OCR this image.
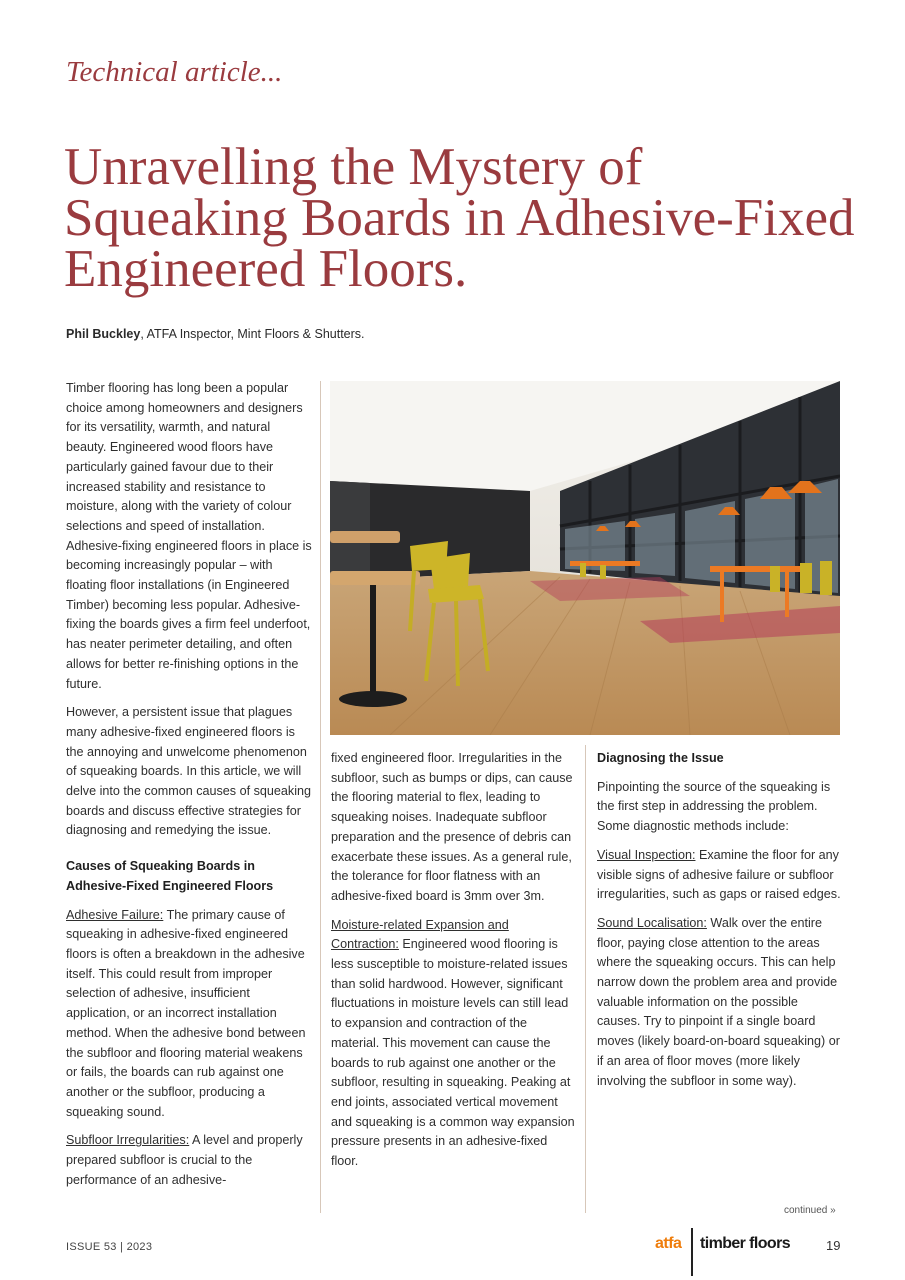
Technical article...
Unravelling the Mystery of Squeaking Boards in Adhesive-Fixed Engineered Floors.
Phil Buckley, ATFA Inspector, Mint Floors & Shutters.

Timber flooring has long been a popular choice among homeowners and designers for its versatility, warmth, and natural beauty. Engineered wood floors have particularly gained favour due to their increased stability and resistance to moisture, along with the variety of colour selections and speed of installation. Adhesive-fixing engineered floors in place is becoming increasingly popular – with floating floor installations (in Engineered Timber) becoming less popular. Adhesive-fixing the boards gives a firm feel underfoot, has neater perimeter detailing, and often allows for better re-finishing options in the future.

However, a persistent issue that plagues many adhesive-fixed engineered floors is the annoying and unwelcome phenomenon of squeaking boards. In this article, we will delve into the common causes of squeaking boards and discuss effective strategies for diagnosing and remedying the issue.

Causes of Squeaking Boards in Adhesive-Fixed Engineered Floors

Adhesive Failure: The primary cause of squeaking in adhesive-fixed engineered floors is often a breakdown in the adhesive itself. This could result from improper selection of adhesive, insufficient application, or an incorrect installation method. When the adhesive bond between the subfloor and flooring material weakens or fails, the boards can rub against one another or the subfloor, producing a squeaking sound.

Subfloor Irregularities: A level and properly prepared subfloor is crucial to the performance of an adhesive-

fixed engineered floor. Irregularities in the subfloor, such as bumps or dips, can cause the flooring material to flex, leading to squeaking noises. Inadequate subfloor preparation and the presence of debris can exacerbate these issues. As a general rule, the tolerance for floor flatness with an adhesive-fixed board is 3mm over 3m.

Moisture-related Expansion and Contraction: Engineered wood flooring is less susceptible to moisture-related issues than solid hardwood. However, significant fluctuations in moisture levels can still lead to expansion and contraction of the material. This movement can cause the boards to rub against one another or the subfloor, resulting in squeaking. Peaking at end joints, associated vertical movement and squeaking is a common way expansion pressure presents in an adhesive-fixed floor.

Diagnosing the Issue

Pinpointing the source of the squeaking is the first step in addressing the problem. Some diagnostic methods include:

Visual Inspection: Examine the floor for any visible signs of adhesive failure or subfloor irregularities, such as gaps or raised edges.

Sound Localisation: Walk over the entire floor, paying close attention to the areas where the squeaking occurs. This can help narrow down the problem area and provide valuable information on the possible causes. Try to pinpoint if a single board moves (likely board-on-board squeaking) or if an area of floor moves (more likely involving the subfloor in some way).

continued »
ISSUE 53 | 2023	atfa timber floors	19
